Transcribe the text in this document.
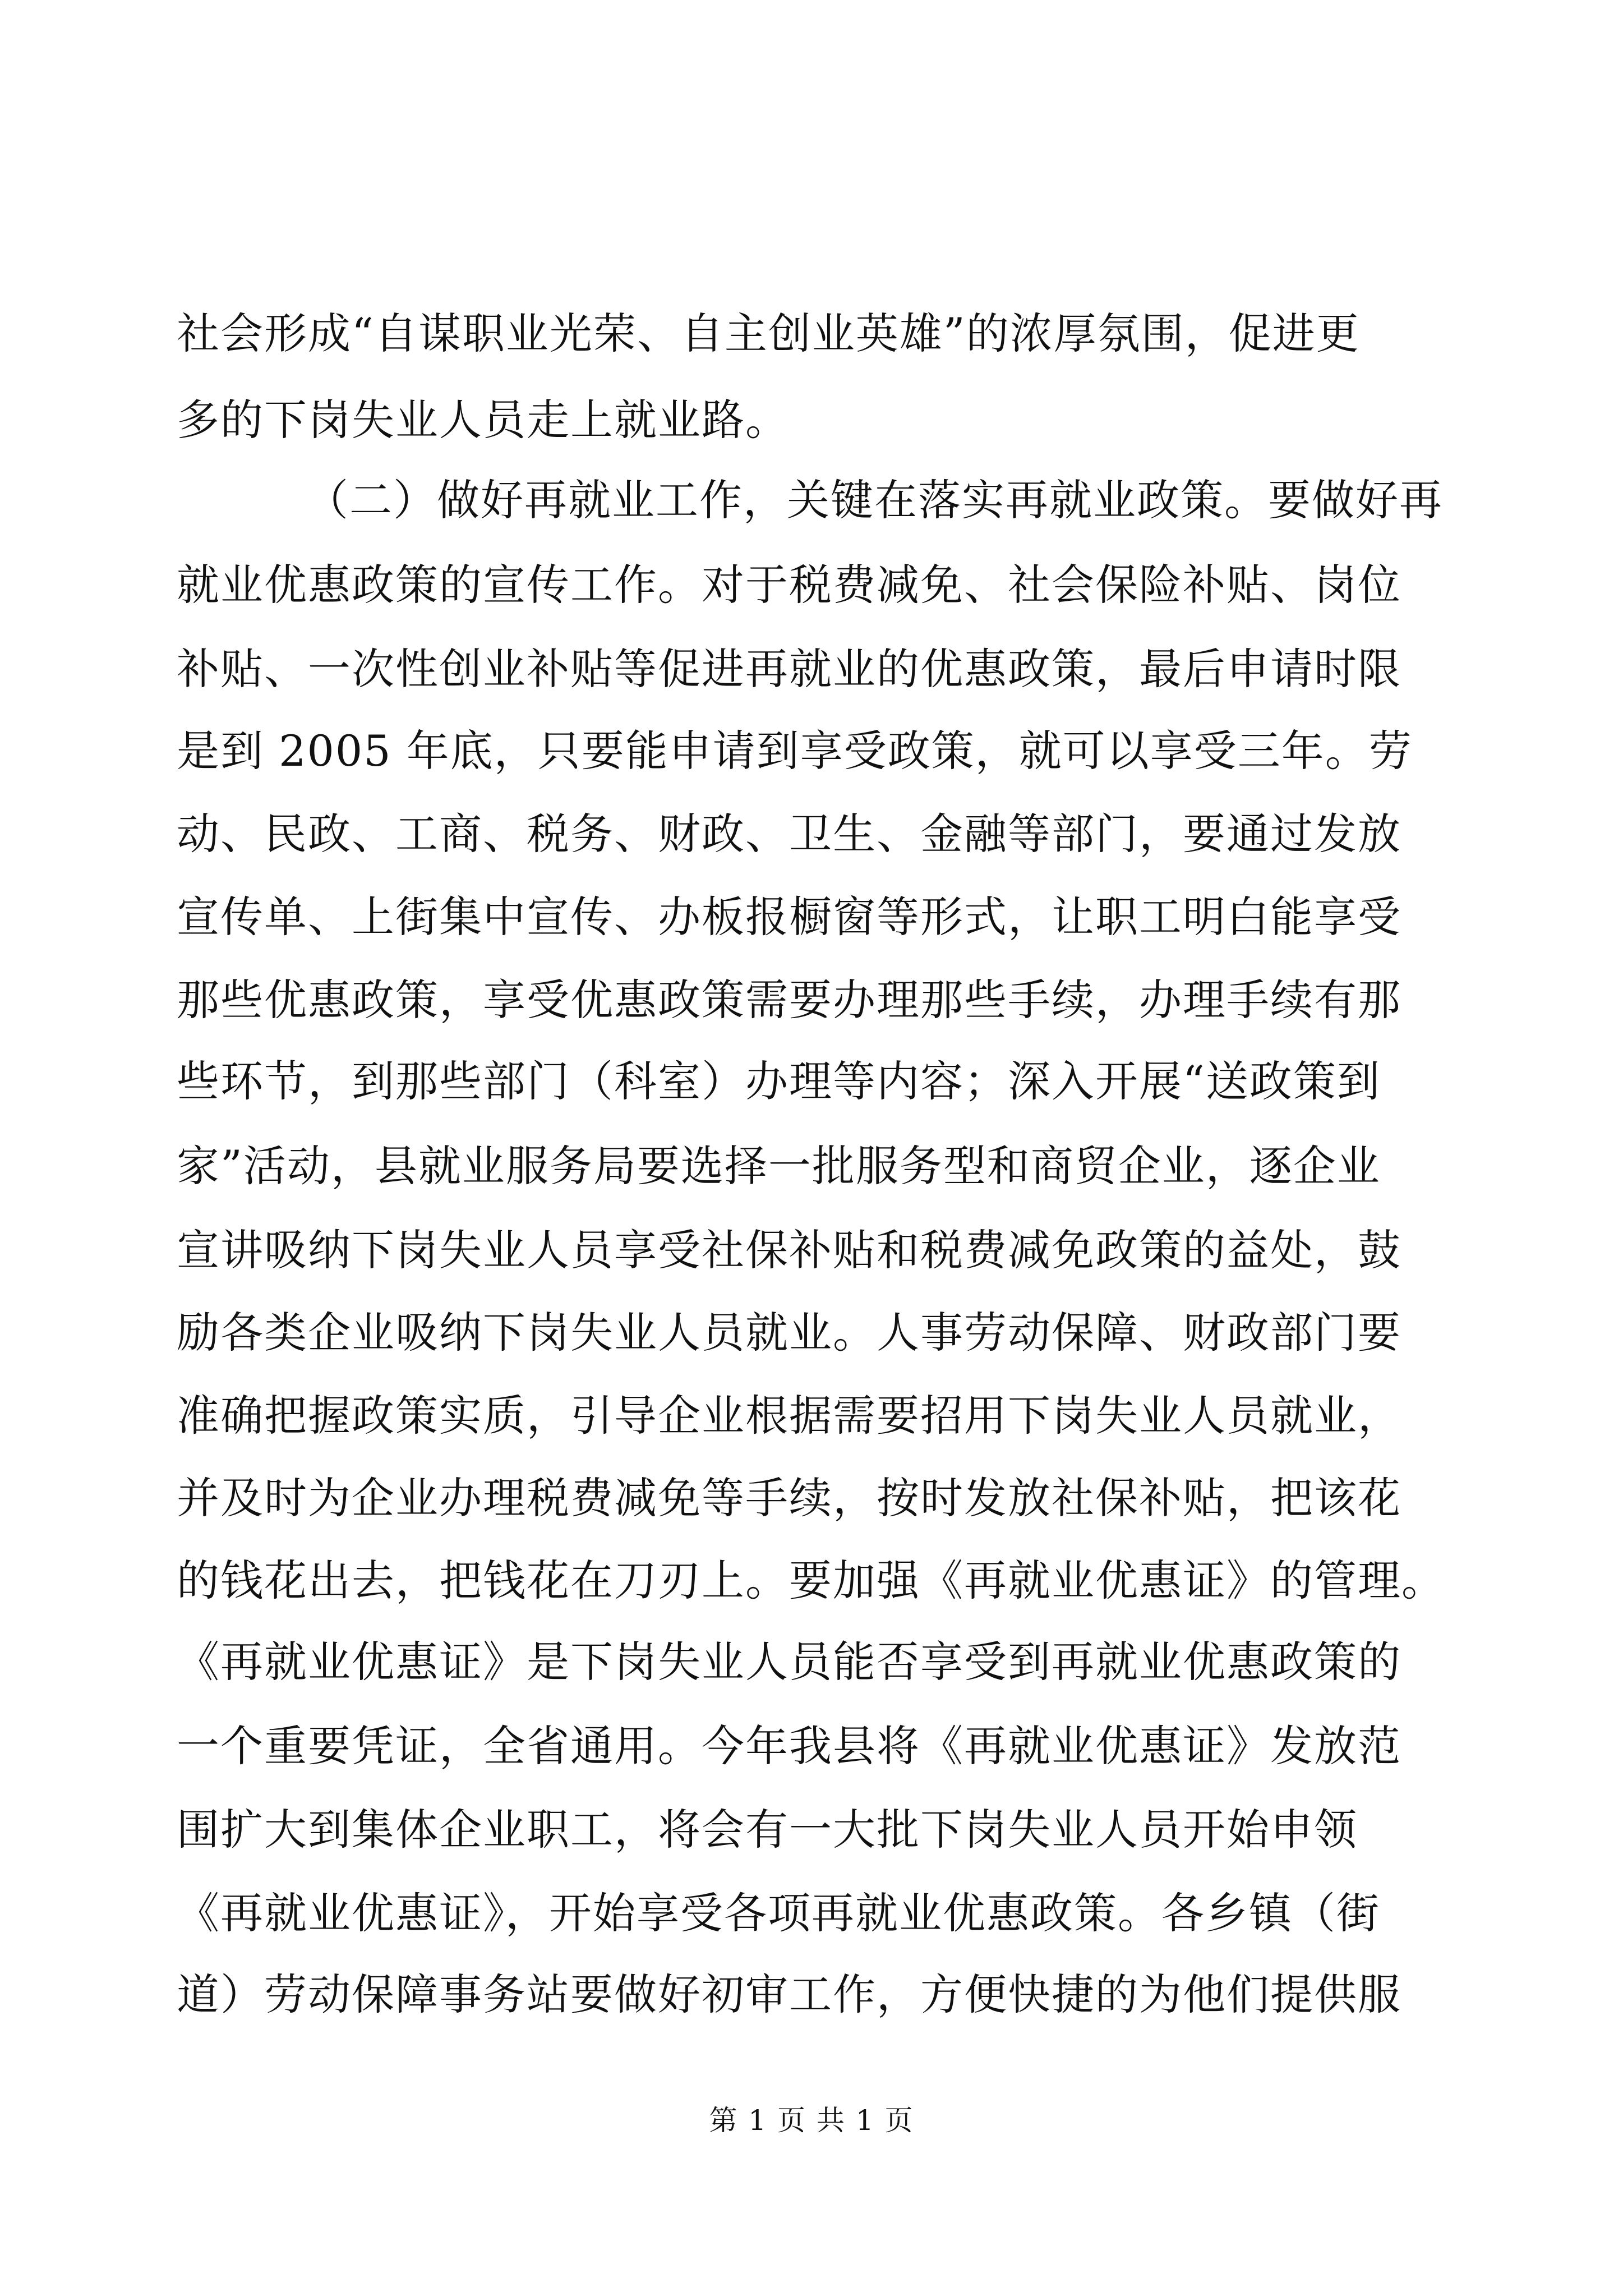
社会形成“自谋职业光荣、自主创业英雄”的浓厚氛围，促进更
多的下岗失业人员走上就业路。
（二）做好再就业工作，关键在落实再就业政策。要做好再
就业优惠政策的宣传工作。对于税费减免、社会保险补贴、岗位
补贴、一次性创业补贴等促进再就业的优惠政策，最后申请时限
是到 2005 年底，只要能申请到享受政策，就可以享受三年。劳
动、民政、工商、税务、财政、卫生、金融等部门，要通过发放
宣传单、上街集中宣传、办板报橱窗等形式，让职工明白能享受
那些优惠政策，享受优惠政策需要办理那些手续，办理手续有那
些环节，到那些部门（科室）办理等内容；深入开展“送政策到
家”活动，县就业服务局要选择一批服务型和商贸企业，逐企业
宣讲吸纳下岗失业人员享受社保补贴和税费减免政策的益处，鼓
励各类企业吸纳下岗失业人员就业。人事劳动保障、财政部门要
准确把握政策实质，引导企业根据需要招用下岗失业人员就业，
并及时为企业办理税费减免等手续，按时发放社保补贴，把该花
的钱花出去，把钱花在刀刃上。要加强《再就业优惠证》的管理。
《再就业优惠证》是下岗失业人员能否享受到再就业优惠政策的
一个重要凭证，全省通用。今年我县将《再就业优惠证》发放范
围扩大到集体企业职工，将会有一大批下岗失业人员开始申领
《再就业优惠证》，开始享受各项再就业优惠政策。各乡镇（街
道）劳动保障事务站要做好初审工作，方便快捷的为他们提供服
第 1 页 共 1 页
